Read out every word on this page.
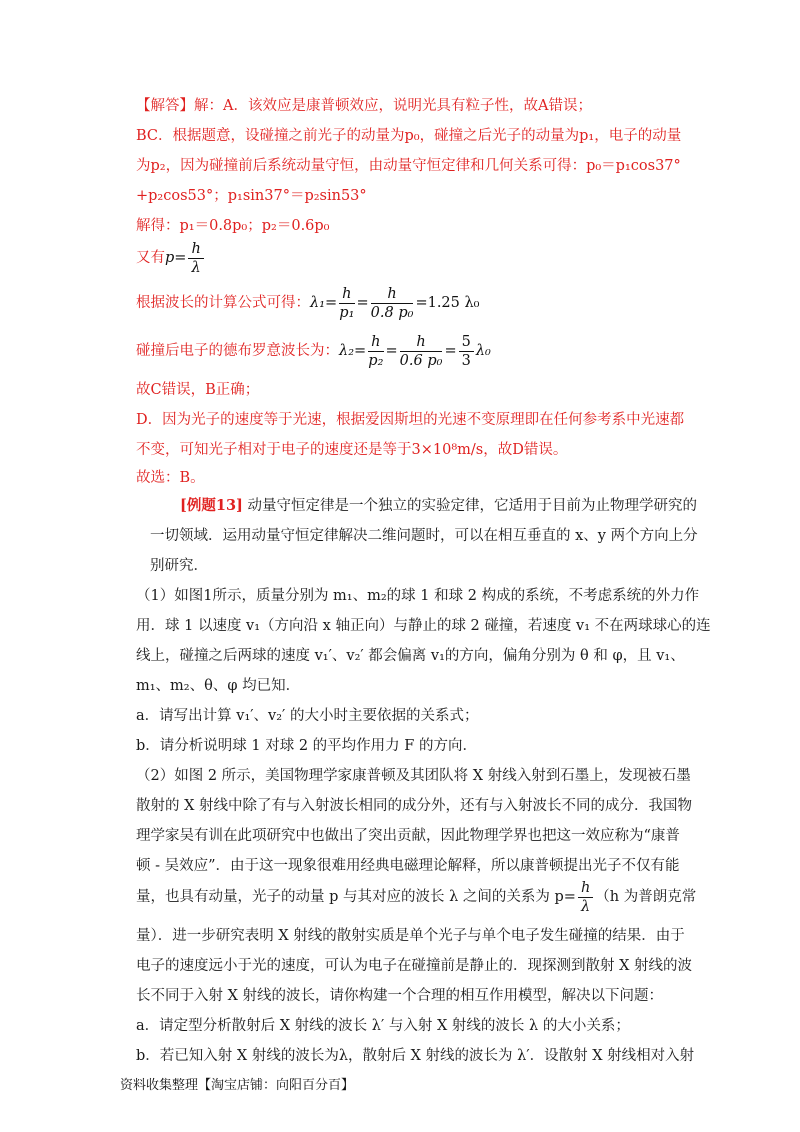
【解答】解：A．该效应是康普顿效应，说明光具有粒子性，故A错误；
BC．根据题意，设碰撞之前光子的动量为p₀，碰撞之后光子的动量为p₁，电子的动量
为p₂，因为碰撞前后系统动量守恒，由动量守恒定律和几何关系可得：p₀＝p₁cos37°
+p₂cos53°；p₁sin37°＝p₂sin53°
解得：p₁＝0.8p₀；p₂＝0.6p₀
又有$p= \frac{h}{\lambda}$
根据波长的计算公式可得：$\lambda_1= \frac{h}{\text{p₁}} = \frac{h}{\text{0.8 p₀}} =1.25$ λ₀
碰撞后电子的德布罗意波长为：$\lambda_2= \frac{h}{\text{p₂}} = \frac{h}{\text{0.6 p₀}} = \frac{5}{3} \lambda_0$
故C错误，B正确；
D．因为光子的速度等于光速，根据爱因斯坦的光速不变原理即在任何参考系中光速都
不变，可知光子相对于电子的速度还是等于3×10⁸m/s，故D错误。
故选：B。
[例题13] 动量守恒定律是一个独立的实验定律，它适用于目前为止物理学研究的
一切领域．运用动量守恒定律解决二维问题时，可以在相互垂直的 x、y 两个方向上分
别研究．
（1）如图1所示，质量分别为 m₁、m₂的球 1 和球 2 构成的系统，不考虑系统的外力作
用．球 1 以速度 v₁（方向沿 x 轴正向）与静止的球 2 碰撞，若速度 v₁ 不在两球球心的连
线上，碰撞之后两球的速度 v₁′、v₂′ 都会偏离 v₁的方向，偏角分别为 θ 和 φ，且 v₁、
m₁、m₂、θ、φ 均已知．
a．请写出计算 v₁′、v₂′ 的大小时主要依据的关系式；
b．请分析说明球 1 对球 2 的平均作用力 F 的方向．
（2）如图 2 所示，美国物理学家康普顿及其团队将 X 射线入射到石墨上，发现被石墨
散射的 X 射线中除了有与入射波长相同的成分外，还有与入射波长不同的成分．我国物
理学家吴有训在此项研究中也做出了突出贡献，因此物理学界也把这一效应称为“康普
顿 - 吴效应”．由于这一现象很难用经典电磁理论解释，所以康普顿提出光子不仅有能
量，也具有动量，光子的动量 p 与其对应的波长 λ 之间的关系为 $p= \frac{h}{\lambda} (h$ 为普朗克常
量）．进一步研究表明 X 射线的散射实质是单个光子与单个电子发生碰撞的结果．由于
电子的速度远小于光的速度，可认为电子在碰撞前是静止的．现探测到散射 X 射线的波
长不同于入射 X 射线的波长，请你构建一个合理的相互作用模型，解决以下问题：
a．请定型分析散射后 X 射线的波长 λ′ 与入射 X 射线的波长 λ 的大小关系；
b．若已知入射 X 射线的波长为λ，散射后 X 射线的波长为 λ′．设散射 X 射线相对入射
资料收集整理【淘宝店铺：向阳百分百】
